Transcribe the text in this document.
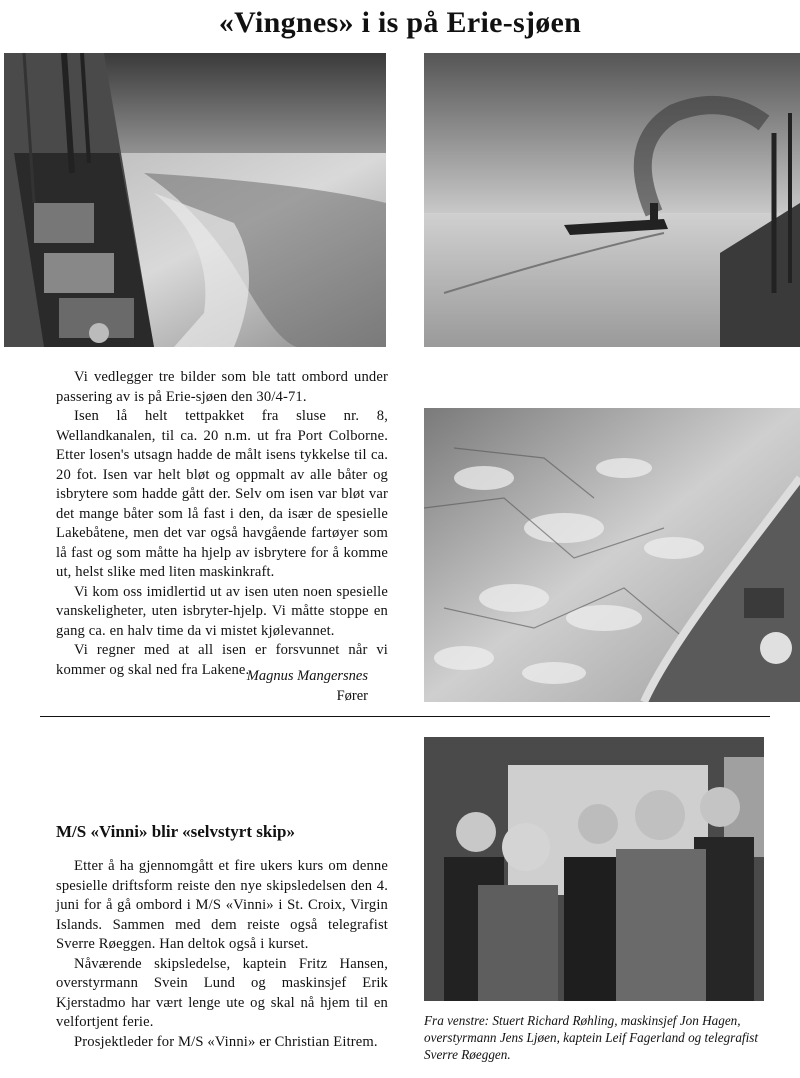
«Vingnes» i is på Erie-sjøen

Vi vedlegger tre bilder som ble tatt ombord under passering av is på Erie-sjøen den 30/4-71.

Isen lå helt tettpakket fra sluse nr. 8, Wellandkanalen, til ca. 20 n.m. ut fra Port Colborne. Etter losen's utsagn hadde de målt isens tykkelse til ca. 20 fot. Isen var helt bløt og oppmalt av alle båter og isbrytere som hadde gått der. Selv om isen var bløt var det mange båter som lå fast i den, da især de spesielle Lakebåtene, men det var også havgående fartøyer som lå fast og som måtte ha hjelp av isbrytere for å komme ut, helst slike med liten maskinkraft.

Vi kom oss imidlertid ut av isen uten noen spesielle vanskeligheter, uten isbryter-hjelp. Vi måtte stoppe en gang ca. en halv time da vi mistet kjølevannet.

Vi regner med at all isen er forsvunnet når vi kommer og skal ned fra Lakene.

Magnus Mangersnes
Fører
M/S «Vinni» blir «selvstyrt skip»

Etter å ha gjennomgått et fire ukers kurs om denne spesielle driftsform reiste den nye skipsledelsen den 4. juni for å gå ombord i M/S «Vinni» i St. Croix, Virgin Islands. Sammen med dem reiste også telegrafist Sverre Røeggen. Han deltok også i kurset.

Nåværende skipsledelse, kaptein Fritz Hansen, overstyrmann Svein Lund og maskinsjef Erik Kjerstadmo har vært lenge ute og skal nå hjem til en velfortjent ferie.

Prosjektleder for M/S «Vinni» er Christian Eitrem.

Fra venstre: Stuert Richard Røhling, maskinsjef Jon Hagen, overstyrmann Jens Ljøen, kaptein Leif Fagerland og telegrafist Sverre Røeggen.
